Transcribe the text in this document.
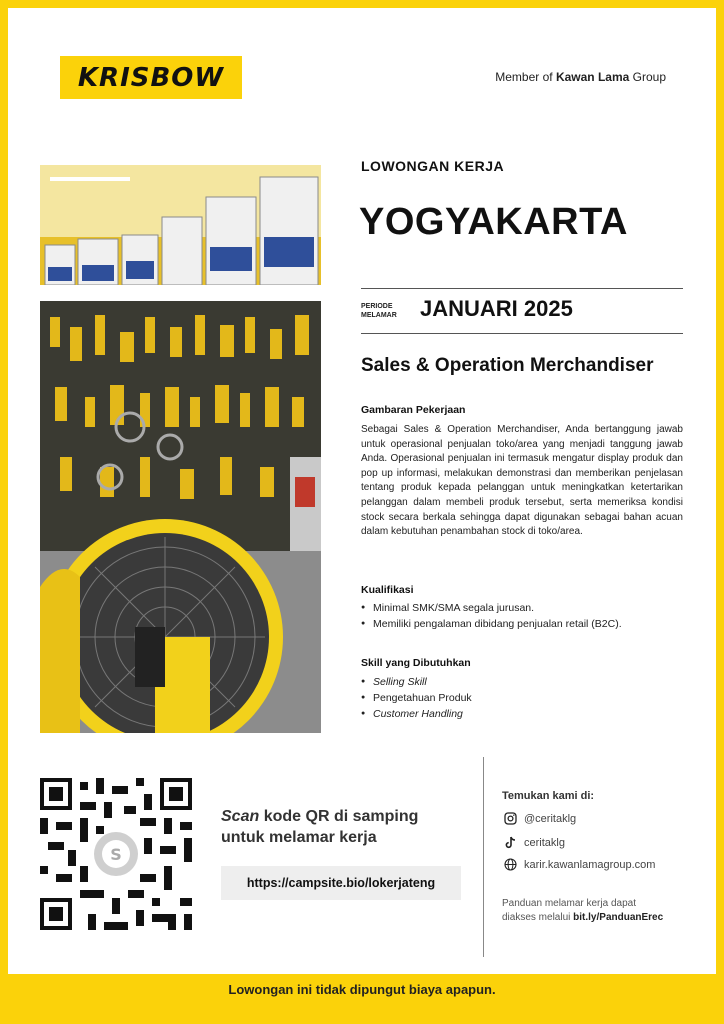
KRISBOW	Member of Kawan Lama Group
LOWONGAN KERJA
YOGYAKARTA
PERIODE
MELAMAR JANUARI 2025
Sales & Operation Merchandiser
Gambaran Pekerjaan
Sebagai Sales & Operation Merchandiser, Anda bertanggung jawab untuk operasional penjualan toko/area yang menjadi tanggung jawab Anda. Operasional penjualan ini termasuk mengatur display produk dan pop up informasi, melakukan demonstrasi dan memberikan penjelasan tentang produk kepada pelanggan untuk meningkatkan ketertarikan pelanggan dalam membeli produk tersebut, serta memeriksa kondisi stock secara berkala sehingga dapat digunakan sebagai bahan acuan dalam kebutuhan penambahan stock di toko/area.
Kualifikasi
● Minimal SMK/SMA segala jurusan.
● Memiliki pengalaman dibidang penjualan retail (B2C).
Skill yang Dibutuhkan
● Selling Skill
● Pengetahuan Produk
● Customer Handling
S
Scan kode QR di samping
untuk melamar kerja
https://campsite.bio/lokerjateng
Temukan kami di:
@ceritaklg
ceritaklg
karir.kawanlamagroup.com
Panduan melamar kerja dapat
diakses melalui bit.ly/PanduanErec
Lowongan ini tidak dipungut biaya apapun.
